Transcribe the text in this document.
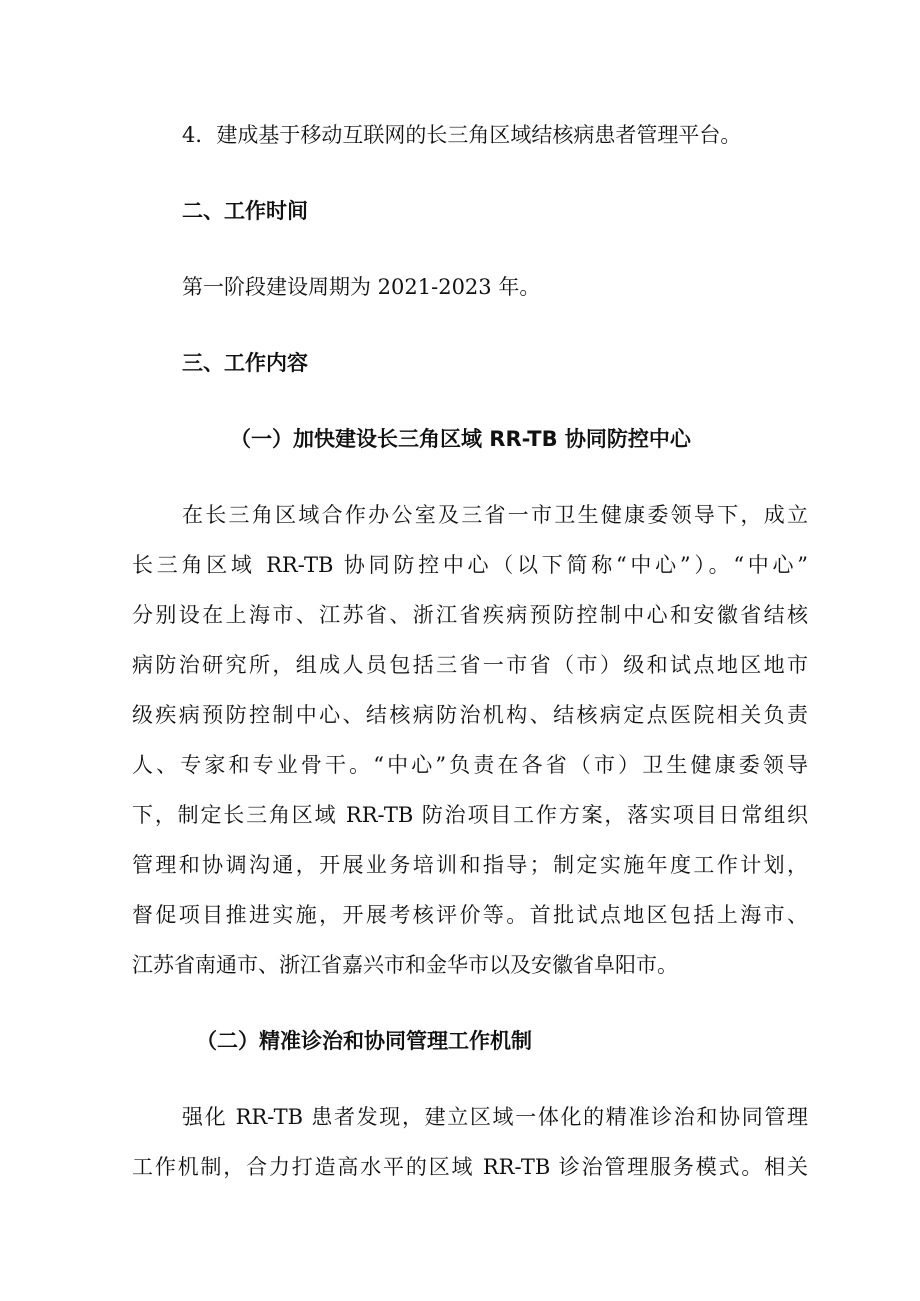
4．建成基于移动互联网的长三角区域结核病患者管理平台。
二、工作时间
第一阶段建设周期为 2021-2023 年。
三、工作内容
（一）加快建设长三角区域 RR-TB 协同防控中心
在长三角区域合作办公室及三省一市卫生健康委领导下，成立
长三角区域 RR-TB 协同防控中心（以下简称“中心”）。“中心”
分别设在上海市、江苏省、浙江省疾病预防控制中心和安徽省结核
病防治研究所，组成人员包括三省一市省（市）级和试点地区地市
级疾病预防控制中心、结核病防治机构、结核病定点医院相关负责
人、专家和专业骨干。“中心”负责在各省（市）卫生健康委领导
下，制定长三角区域 RR-TB 防治项目工作方案，落实项目日常组织
管理和协调沟通，开展业务培训和指导；制定实施年度工作计划，
督促项目推进实施，开展考核评价等。首批试点地区包括上海市、
江苏省南通市、浙江省嘉兴市和金华市以及安徽省阜阳市。
（二）精准诊治和协同管理工作机制
强化 RR-TB 患者发现，建立区域一体化的精准诊治和协同管理
工作机制，合力打造高水平的区域 RR-TB 诊治管理服务模式。相关
